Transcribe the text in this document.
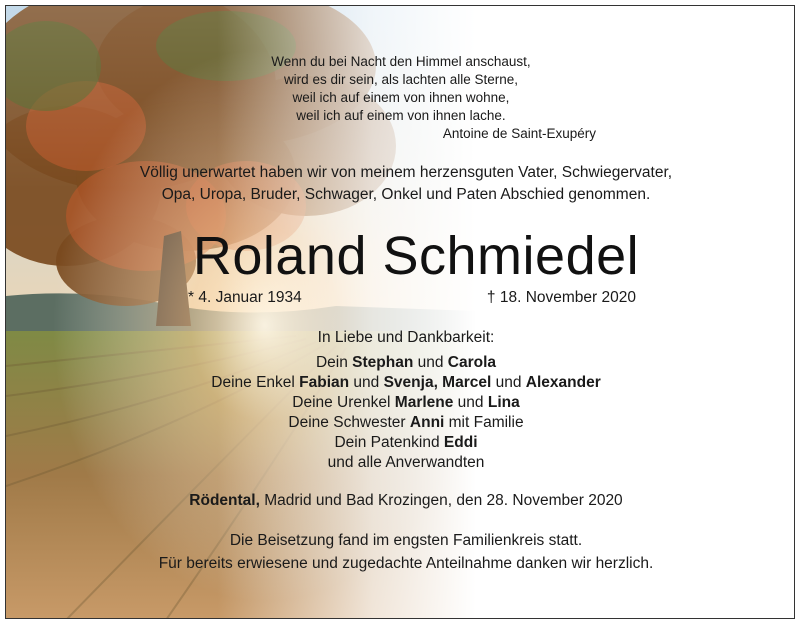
Wenn du bei Nacht den Himmel anschaust,
wird es dir sein, als lachten alle Sterne,
weil ich auf einem von ihnen wohne,
weil ich auf einem von ihnen lache.
Antoine de Saint-Exupéry
Völlig unerwartet haben wir von meinem herzensguten Vater, Schwiegervater,
Opa, Uropa, Bruder, Schwager, Onkel und Paten Abschied genommen.
Roland Schmiedel
* 4. Januar 1934	† 18. November 2020
In Liebe und Dankbarkeit:
Dein Stephan und Carola
Deine Enkel Fabian und Svenja, Marcel und Alexander
Deine Urenkel Marlene und Lina
Deine Schwester Anni mit Familie
Dein Patenkind Eddi
und alle Anverwandten
Rödental, Madrid und Bad Krozingen, den 28. November 2020
Die Beisetzung fand im engsten Familienkreis statt.
Für bereits erwiesene und zugedachte Anteilnahme danken wir herzlich.
